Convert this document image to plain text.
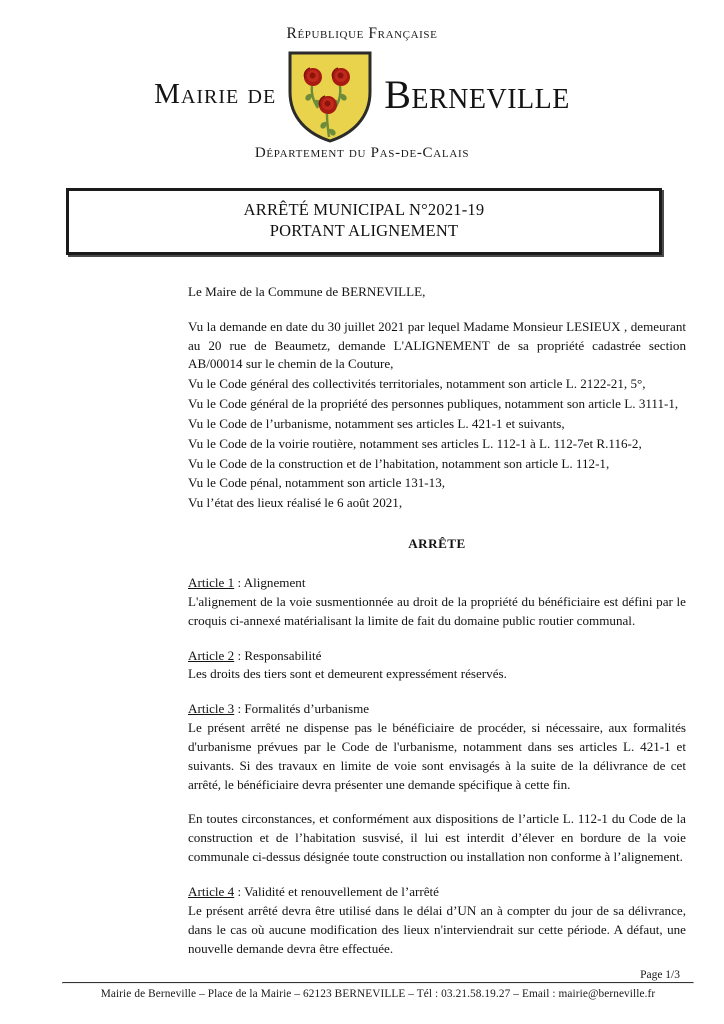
République Française
Mairie de	Berneville
Département du Pas-de-Calais
ARRÊTÉ MUNICIPAL N°2021-19
PORTANT ALIGNEMENT

Le Maire de la Commune de BERNEVILLE,

Vu la demande en date du 30 juillet 2021 par lequel Madame Monsieur LESIEUX , demeurant au 20 rue de Beaumetz, demande L'ALIGNEMENT de sa propriété cadastrée section AB/00014 sur le chemin de la Couture,

Vu le Code général des collectivités territoriales, notamment son article L. 2122-21, 5°,

Vu le Code général de la propriété des personnes publiques, notamment son article L. 3111-1,

Vu le Code de l’urbanisme, notamment ses articles L. 421-1 et suivants,

Vu le Code de la voirie routière, notamment ses articles L. 112-1 à L. 112-7et R.116-2,

Vu le Code de la construction et de l’habitation, notamment son article L. 112-1,

Vu le Code pénal, notamment son article 131-13,

Vu l’état des lieux réalisé le 6 août 2021,

ARRÊTE

Article 1 : Alignement

L'alignement de la voie susmentionnée au droit de la propriété du bénéficiaire est défini par le croquis ci-annexé matérialisant la limite de fait du domaine public routier communal.

Article 2 : Responsabilité

Les droits des tiers sont et demeurent expressément réservés.

Article 3 : Formalités d’urbanisme

Le présent arrêté ne dispense pas le bénéficiaire de procéder, si nécessaire, aux formalités d'urbanisme prévues par le Code de l'urbanisme, notamment dans ses articles L. 421-1 et suivants. Si des travaux en limite de voie sont envisagés à la suite de la délivrance de cet arrêté, le bénéficiaire devra présenter une demande spécifique à cette fin.

En toutes circonstances, et conformément aux dispositions de l’article L. 112-1 du Code de la construction et de l’habitation susvisé, il lui est interdit d’élever en bordure de la voie communale ci-dessus désignée toute construction ou installation non conforme à l’alignement.

Article 4 : Validité et renouvellement de l’arrêté

Le présent arrêté devra être utilisé dans le délai d’UN an à compter du jour de sa délivrance, dans le cas où aucune modification des lieux n'interviendrait sur cette période. A défaut, une nouvelle demande devra être effectuée.

Page 1/3
Mairie de Berneville – Place de la Mairie – 62123 BERNEVILLE – Tél : 03.21.58.19.27 – Email : mairie@berneville.fr
